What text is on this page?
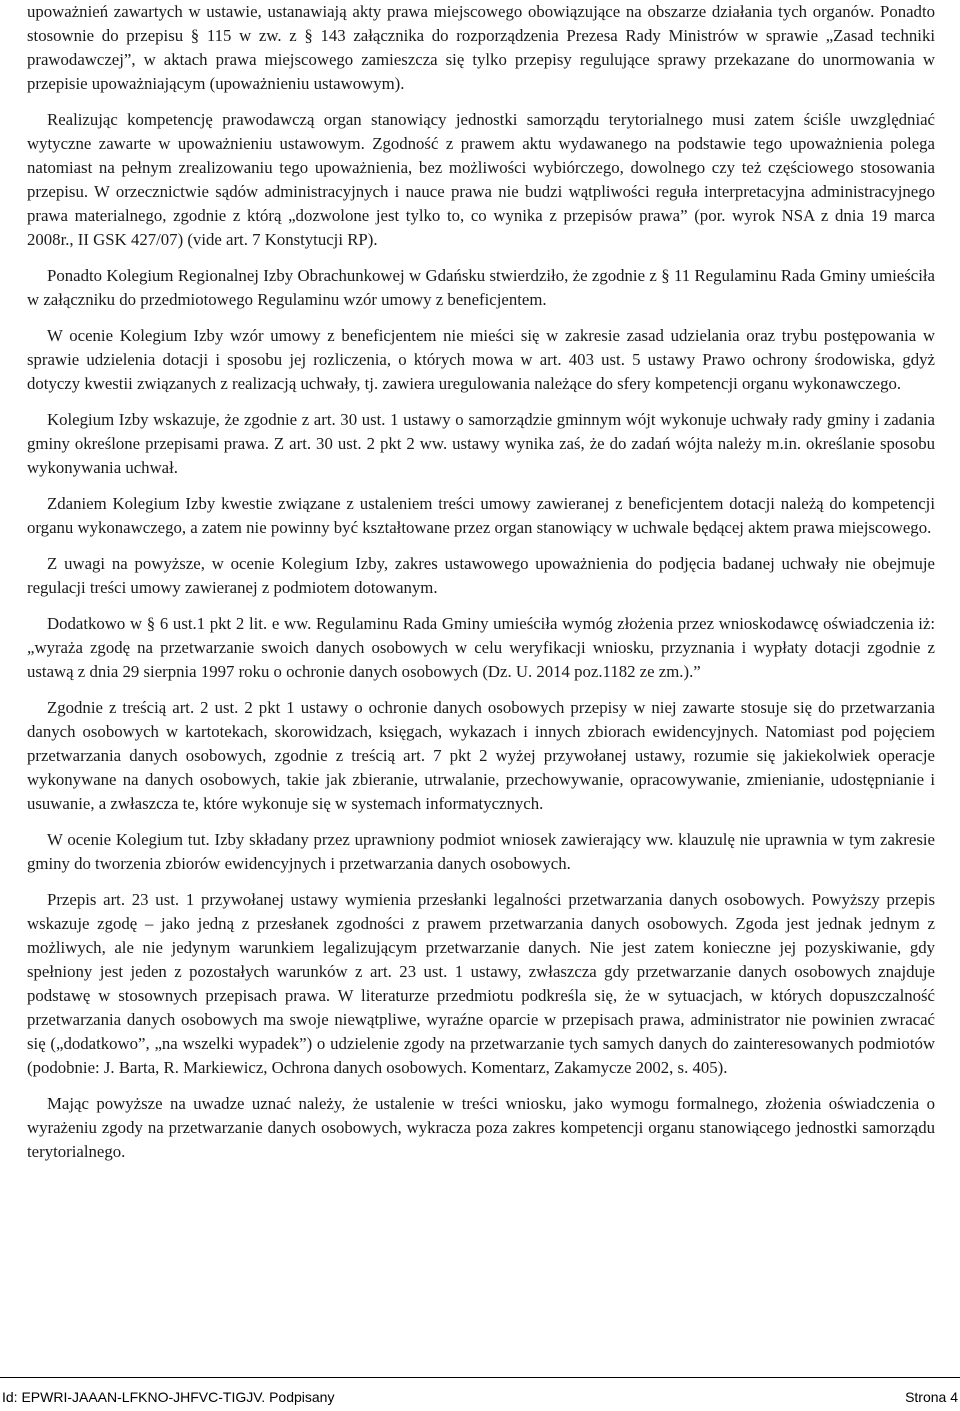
upoważnień zawartych w ustawie, ustanawiają akty prawa miejscowego obowiązujące na obszarze działania tych organów. Ponadto stosownie do przepisu § 115 w zw. z § 143 załącznika do rozporządzenia Prezesa Rady Ministrów w sprawie „Zasad techniki prawodawczej”, w aktach prawa miejscowego zamieszcza się tylko przepisy regulujące sprawy przekazane do unormowania w przepisie upoważniającym (upoważnieniu ustawowym).

Realizując kompetencję prawodawczą organ stanowiący jednostki samorządu terytorialnego musi zatem ściśle uwzględniać wytyczne zawarte w upoważnieniu ustawowym. Zgodność z prawem aktu wydawanego na podstawie tego upoważnienia polega natomiast na pełnym zrealizowaniu tego upoważnienia, bez możliwości wybiórczego, dowolnego czy też częściowego stosowania przepisu. W orzecznictwie sądów administracyjnych i nauce prawa nie budzi wątpliwości reguła interpretacyjna administracyjnego prawa materialnego, zgodnie z którą „dozwolone jest tylko to, co wynika z przepisów prawa” (por. wyrok NSA z dnia 19 marca 2008r., II GSK 427/07) (vide art. 7 Konstytucji RP).

Ponadto Kolegium Regionalnej Izby Obrachunkowej w Gdańsku stwierdziło, że zgodnie z § 11 Regulaminu Rada Gminy umieściła w załączniku do przedmiotowego Regulaminu wzór umowy z beneficjentem.

W ocenie Kolegium Izby wzór umowy z beneficjentem nie mieści się w zakresie zasad udzielania oraz trybu postępowania w sprawie udzielenia dotacji i sposobu jej rozliczenia, o których mowa w art. 403 ust. 5 ustawy Prawo ochrony środowiska, gdyż dotyczy kwestii związanych z realizacją uchwały, tj. zawiera uregulowania należące do sfery kompetencji organu wykonawczego.

Kolegium Izby wskazuje, że zgodnie z art. 30 ust. 1 ustawy o samorządzie gminnym wójt wykonuje uchwały rady gminy i zadania gminy określone przepisami prawa. Z art. 30 ust. 2 pkt 2 ww. ustawy wynika zaś, że do zadań wójta należy m.in. określanie sposobu wykonywania uchwał.

Zdaniem Kolegium Izby kwestie związane z ustaleniem treści umowy zawieranej z beneficjentem dotacji należą do kompetencji organu wykonawczego, a zatem nie powinny być kształtowane przez organ stanowiący w uchwale będącej aktem prawa miejscowego.

Z uwagi na powyższe, w ocenie Kolegium Izby, zakres ustawowego upoważnienia do podjęcia badanej uchwały nie obejmuje regulacji treści umowy zawieranej z podmiotem dotowanym.

Dodatkowo w § 6 ust.1 pkt 2 lit. e ww. Regulaminu Rada Gminy umieściła wymóg złożenia przez wnioskodawcę oświadczenia iż: „wyraża zgodę na przetwarzanie swoich danych osobowych w celu weryfikacji wniosku, przyznania i wypłaty dotacji zgodnie z ustawą z dnia 29 sierpnia 1997 roku o ochronie danych osobowych (Dz. U. 2014 poz.1182 ze zm.).”

Zgodnie z treścią art. 2 ust. 2 pkt 1 ustawy o ochronie danych osobowych przepisy w niej zawarte stosuje się do przetwarzania danych osobowych w kartotekach, skorowidzach, księgach, wykazach i innych zbiorach ewidencyjnych. Natomiast pod pojęciem przetwarzania danych osobowych, zgodnie z treścią art. 7 pkt 2 wyżej przywołanej ustawy, rozumie się jakiekolwiek operacje wykonywane na danych osobowych, takie jak zbieranie, utrwalanie, przechowywanie, opracowywanie, zmienianie, udostępnianie i usuwanie, a zwłaszcza te, które wykonuje się w systemach informatycznych.

W ocenie Kolegium tut. Izby składany przez uprawniony podmiot wniosek zawierający ww. klauzulę nie uprawnia w tym zakresie gminy do tworzenia zbiorów ewidencyjnych i przetwarzania danych osobowych.

Przepis art. 23 ust. 1 przywołanej ustawy wymienia przesłanki legalności przetwarzania danych osobowych. Powyższy przepis wskazuje zgodę – jako jedną z przesłanek zgodności z prawem przetwarzania danych osobowych. Zgoda jest jednak jednym z możliwych, ale nie jedynym warunkiem legalizującym przetwarzanie danych. Nie jest zatem konieczne jej pozyskiwanie, gdy spełniony jest jeden z pozostałych warunków z art. 23 ust. 1 ustawy, zwłaszcza gdy przetwarzanie danych osobowych znajduje podstawę w stosownych przepisach prawa. W literaturze przedmiotu podkreśla się, że w sytuacjach, w których dopuszczalność przetwarzania danych osobowych ma swoje niewątpliwe, wyraźne oparcie w przepisach prawa, administrator nie powinien zwracać się („dodatkowo”, „na wszelki wypadek”) o udzielenie zgody na przetwarzanie tych samych danych do zainteresowanych podmiotów (podobnie: J. Barta, R. Markiewicz, Ochrona danych osobowych. Komentarz, Zakamycze 2002, s. 405).

Mając powyższe na uwadze uznać należy, że ustalenie w treści wniosku, jako wymogu formalnego, złożenia oświadczenia o wyrażeniu zgody na przetwarzanie danych osobowych, wykracza poza zakres kompetencji organu stanowiącego jednostki samorządu terytorialnego.

Id: EPWRI-JAAAN-LFKNO-JHFVC-TIGJV. Podpisany	Strona 4
